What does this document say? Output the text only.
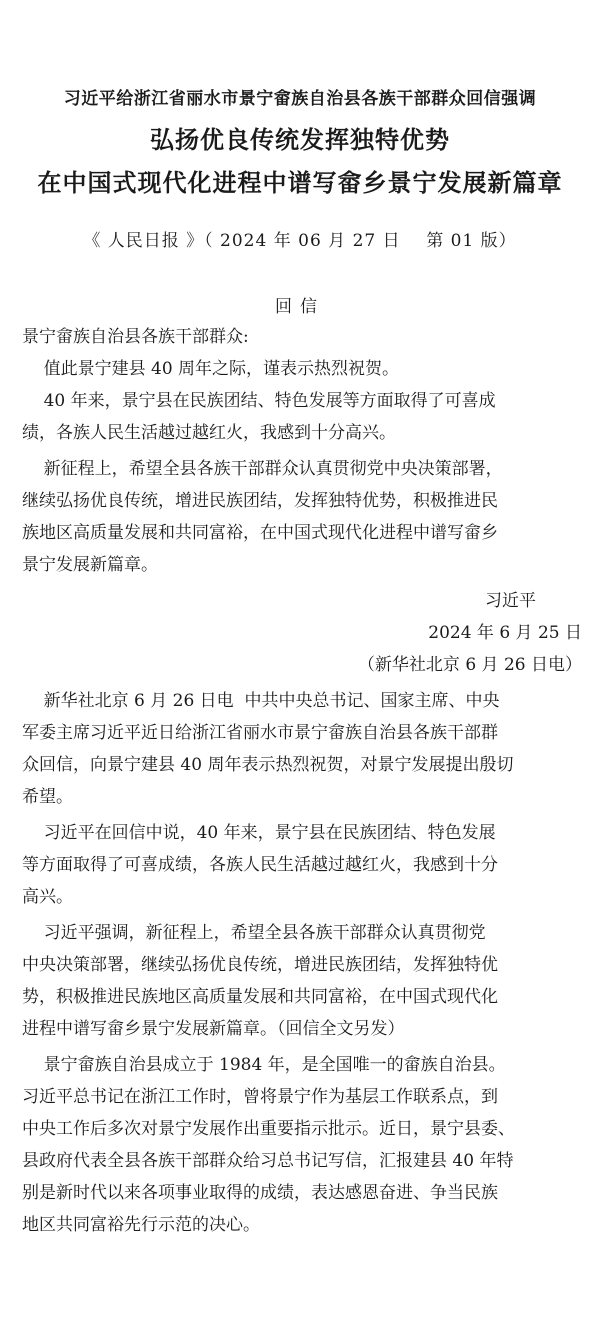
习近平给浙江省丽水市景宁畲族自治县各族干部群众回信强调
弘扬优良传统发挥独特优势
在中国式现代化进程中谱写畲乡景宁发展新篇章
《 人民日报 》（ 2024 年 06 月 27 日    第 01 版）
回信
景宁畲族自治县各族干部群众:
值此景宁建县 40 周年之际，谨表示热烈祝贺。
40 年来，景宁县在民族团结、特色发展等方面取得了可喜成
绩，各族人民生活越过越红火，我感到十分高兴。
新征程上，希望全县各族干部群众认真贯彻党中央决策部署，
继续弘扬优良传统，增进民族团结，发挥独特优势，积极推进民
族地区高质量发展和共同富裕，在中国式现代化进程中谱写畲乡
景宁发展新篇章。
习近平
2024 年 6 月 25 日
（新华社北京 6 月 26 日电）
新华社北京 6 月 26 日电  中共中央总书记、国家主席、中央
军委主席习近平近日给浙江省丽水市景宁畲族自治县各族干部群
众回信，向景宁建县 40 周年表示热烈祝贺，对景宁发展提出殷切
希望。
习近平在回信中说，40 年来，景宁县在民族团结、特色发展
等方面取得了可喜成绩，各族人民生活越过越红火，我感到十分
高兴。
习近平强调，新征程上，希望全县各族干部群众认真贯彻党
中央决策部署，继续弘扬优良传统，增进民族团结，发挥独特优
势，积极推进民族地区高质量发展和共同富裕，在中国式现代化
进程中谱写畲乡景宁发展新篇章。（回信全文另发）
景宁畲族自治县成立于 1984 年，是全国唯一的畲族自治县。
习近平总书记在浙江工作时，曾将景宁作为基层工作联系点，到
中央工作后多次对景宁发展作出重要指示批示。近日，景宁县委、
县政府代表全县各族干部群众给习总书记写信，汇报建县 40 年特
别是新时代以来各项事业取得的成绩，表达感恩奋进、争当民族
地区共同富裕先行示范的决心。
